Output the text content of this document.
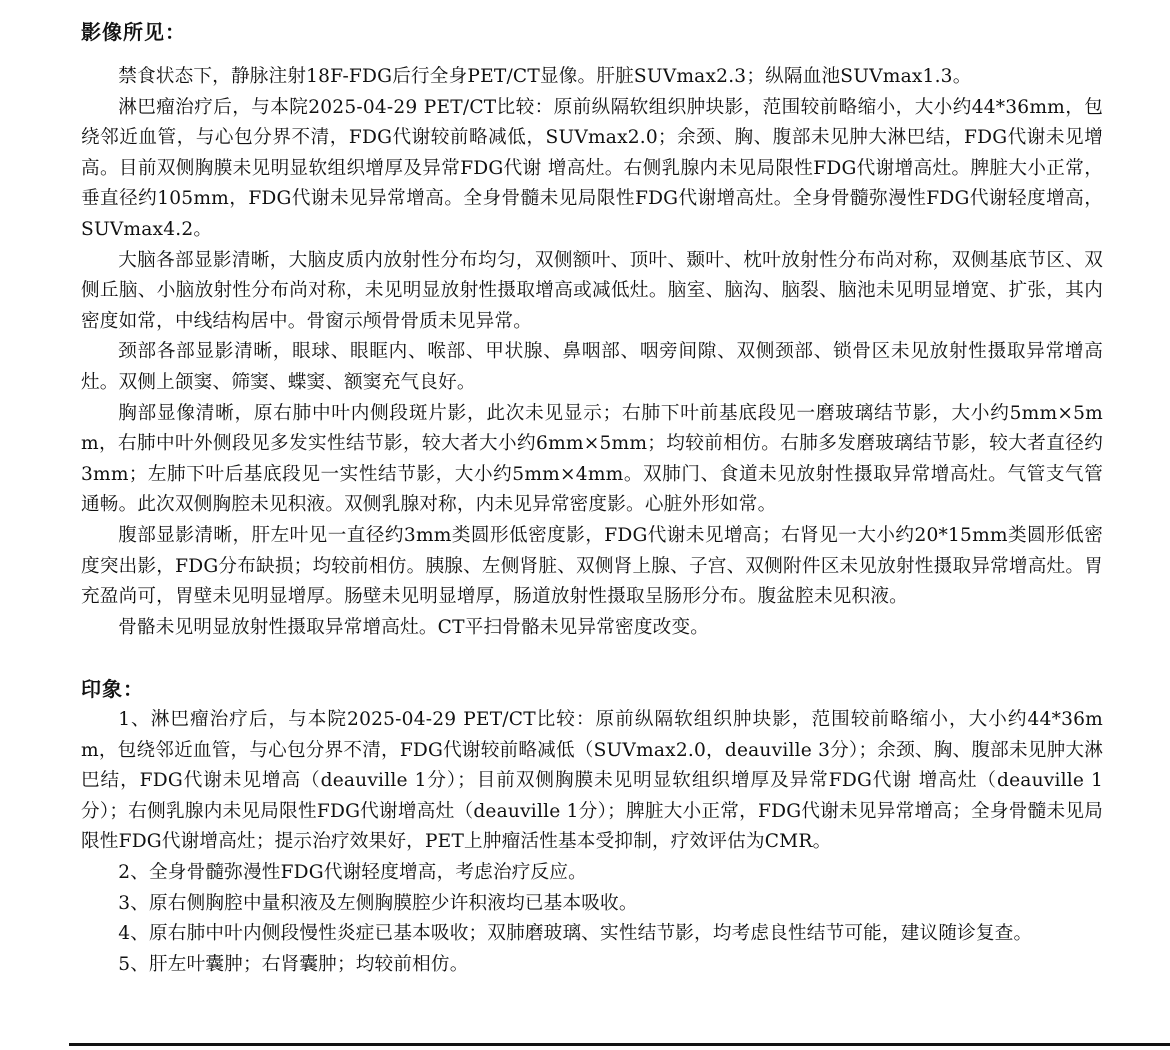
影像所见：

禁食状态下，静脉注射18F-FDG后行全身PET/CT显像。肝脏SUVmax2.3；纵隔血池SUVmax1.3。

淋巴瘤治疗后，与本院2025-04-29 PET/CT比较：原前纵隔软组织肿块影，范围较前略缩小，大小约44*36mm，包绕邻近血管，与心包分界不清，FDG代谢较前略减低，SUVmax2.0；余颈、胸、腹部未见肿大淋巴结，FDG代谢未见增高。目前双侧胸膜未见明显软组织增厚及异常FDG代谢 增高灶。右侧乳腺内未见局限性FDG代谢增高灶。脾脏大小正常，垂直径约105mm，FDG代谢未见异常增高。全身骨髓未见局限性FDG代谢增高灶。全身骨髓弥漫性FDG代谢轻度增高，SUVmax4.2。

大脑各部显影清晰，大脑皮质内放射性分布均匀，双侧额叶、顶叶、颞叶、枕叶放射性分布尚对称，双侧基底节区、双侧丘脑、小脑放射性分布尚对称，未见明显放射性摄取增高或减低灶。脑室、脑沟、脑裂、脑池未见明显增宽、扩张，其内密度如常，中线结构居中。骨窗示颅骨骨质未见异常。

颈部各部显影清晰，眼球、眼眶内、喉部、甲状腺、鼻咽部、咽旁间隙、双侧颈部、锁骨区未见放射性摄取异常增高灶。双侧上颌窦、筛窦、蝶窦、额窦充气良好。

胸部显像清晰，原右肺中叶内侧段斑片影，此次未见显示；右肺下叶前基底段见一磨玻璃结节影，大小约5mm×5mm，右肺中叶外侧段见多发实性结节影，较大者大小约6mm×5mm；均较前相仿。右肺多发磨玻璃结节影，较大者直径约3mm；左肺下叶后基底段见一实性结节影，大小约5mm×4mm。双肺门、食道未见放射性摄取异常增高灶。气管支气管通畅。此次双侧胸腔未见积液。双侧乳腺对称，内未见异常密度影。心脏外形如常。

腹部显影清晰，肝左叶见一直径约3mm类圆形低密度影，FDG代谢未见增高；右肾见一大小约20*15mm类圆形低密度突出影，FDG分布缺损；均较前相仿。胰腺、左侧肾脏、双侧肾上腺、子宫、双侧附件区未见放射性摄取异常增高灶。胃充盈尚可，胃壁未见明显增厚。肠壁未见明显增厚，肠道放射性摄取呈肠形分布。腹盆腔未见积液。

骨骼未见明显放射性摄取异常增高灶。CT平扫骨骼未见异常密度改变。

印象：

1、淋巴瘤治疗后，与本院2025-04-29 PET/CT比较：原前纵隔软组织肿块影，范围较前略缩小，大小约44*36mm，包绕邻近血管，与心包分界不清，FDG代谢较前略减低（SUVmax2.0，deauville 3分）；余颈、胸、腹部未见肿大淋巴结，FDG代谢未见增高（deauville 1分）；目前双侧胸膜未见明显软组织增厚及异常FDG代谢 增高灶（deauville 1分）；右侧乳腺内未见局限性FDG代谢增高灶（deauville 1分）；脾脏大小正常，FDG代谢未见异常增高；全身骨髓未见局限性FDG代谢增高灶；提示治疗效果好，PET上肿瘤活性基本受抑制，疗效评估为CMR。

2、全身骨髓弥漫性FDG代谢轻度增高，考虑治疗反应。

3、原右侧胸腔中量积液及左侧胸膜腔少许积液均已基本吸收。

4、原右肺中叶内侧段慢性炎症已基本吸收；双肺磨玻璃、实性结节影，均考虑良性结节可能，建议随诊复查。

5、肝左叶囊肿；右肾囊肿；均较前相仿。
